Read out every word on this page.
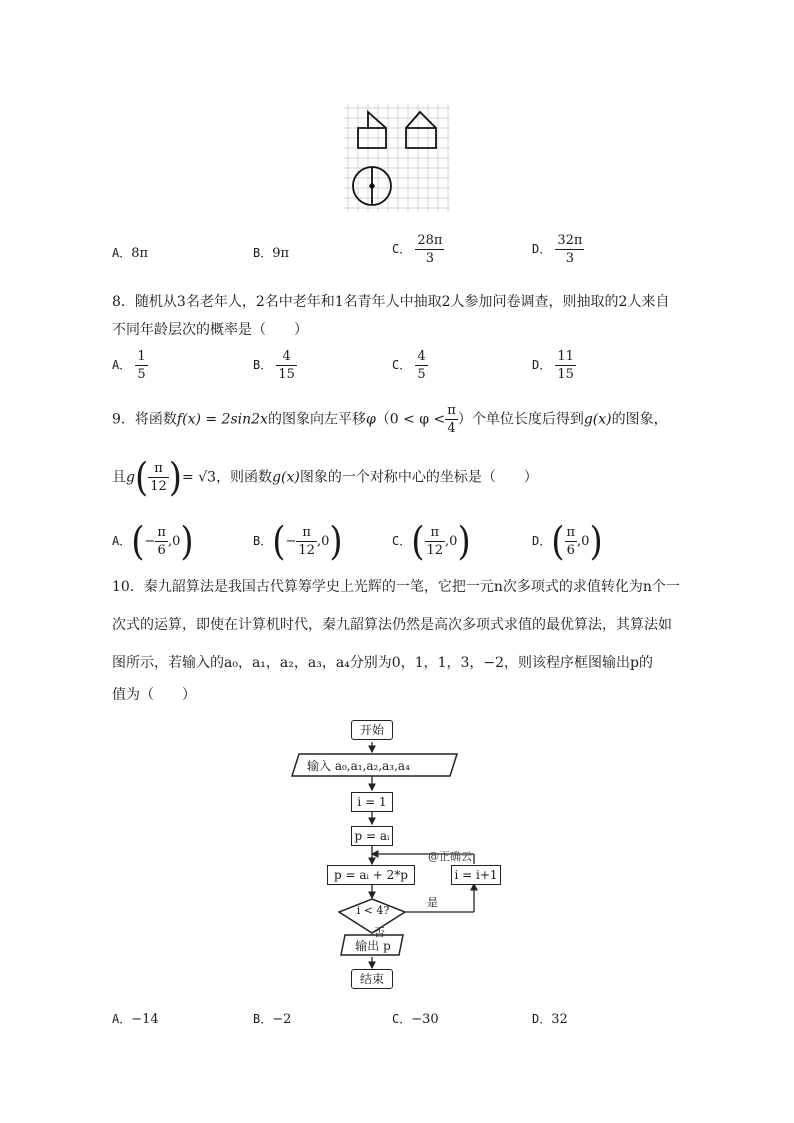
A．8π	B．9π	C． $\frac{28\pi}{3}$	D． $\frac{32\pi}{3}$
8．随机从3名老年人，2名中老年和1名青年人中抽取2人参加问卷调查，则抽取的2人来自
不同年龄层次的概率是（　　）
A． $\frac{1}{5}$	B． $\frac{4}{15}$	C． $\frac{4}{5}$	D． $\frac{11}{15}$
9．将函数f(x) = 2sin2x的图象向左平移$\varphi(0 < \varphi < \frac{\pi}{4}$ ）个单位长度后得到g(x)的图象，
且$g( \frac{\pi}{12}$ )= √3，则函数g(x)图象的一个对称中心的坐标是（　　）
A．(− $\frac{\pi}{6} ,0$)	B．(− $\frac{\pi}{12} ,0$)	C．( $\frac{\pi}{12} ,0$)	D．( $\frac{\pi}{6} ,0$)
10．秦九韶算法是我国古代算筹学史上光辉的一笔，它把一元n次多项式的求值转化为n个一
次式的运算，即使在计算机时代，秦九韶算法仍然是高次多项式求值的最优算法，其算法如
图所示，若输入的a₀，a₁，a₂，a₃，a₄分别为0，1，1，3，−2，则该程序框图输出p的
值为（　　）
开始
输入 a₀,a₁,a₂,a₃,a₄
i = 1
p = aᵢ
@正确云
p = aᵢ + 2*p	i = i+1
i < 4?
是
否
输出 p
结束
A．−14	B．−2	C．−30	D．32
